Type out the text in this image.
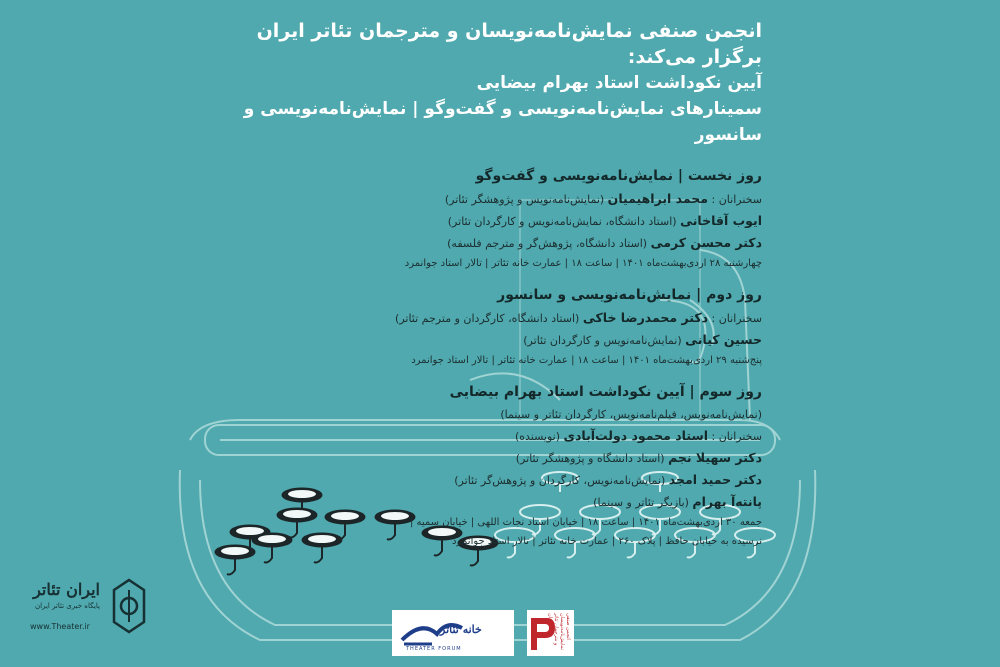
انجمن صنفی نمایش‌نامه‌نویسان و مترجمان تئاتر ایران برگزار می‌کند:
آیین نکوداشت استاد بهرام بیضایی
سمینارهای نمایش‌نامه‌نویسی و گفت‌وگو | نمایش‌نامه‌نویسی و سانسور
روز نخست | نمایش‌نامه‌نویسی و گفت‌وگو
سخنرانان : محمد ابراهیمیان (نمایش‌نامه‌نویس و پژوهشگر تئاتر)
ایوب آقاخانی (استاد دانشگاه، نمایش‌نامه‌نویس و کارگردان تئاتر)
دکتر محسن کرمی (استاد دانشگاه، پژوهش‌گر و مترجم فلسفه)
چهارشنبه ۲۸ اردی‌بهشت‌ماه ۱۴۰۱ | ساعت ۱۸ | عمارت خانه تئاتر | تالار استاد جوانمرد
روز دوم | نمایش‌نامه‌نویسی و سانسور
سخنرانان : دکتر محمدرضا خاکی (استاد دانشگاه، کارگردان و مترجم تئاتر)
حسین کیانی (نمایش‌نامه‌نویس و کارگردان تئاتر)
پنج‌شنبه ۲۹ اردی‌بهشت‌ماه ۱۴۰۱ | ساعت ۱۸ | عمارت خانه تئاتر | تالار استاد جوانمرد
روز سوم | آیین نکوداشت استاد بهرام بیضایی
(نمایش‌نامه‌نویس، فیلم‌نامه‌نویس، کارگردان تئاتر و سینما)
سخنرانان : استاد محمود دولت‌آبادی (نویسنده)
دکتر سهیلا نجم (استاد دانشگاه و پژوهشگر تئاتر)
دکتر حمید امجد (نمایش‌نامه‌نویس، کارگردان و پژوهش‌گر تئاتر)
پانته‌آ بهرام (بازیگر تئاتر و سینما)
جمعه ۳۰ اردی‌بهشت‌ماه ۱۴۰۱ | ساعت ۱۸ | خیابان استاد نجات اللهی | خیابان سمیه |
نرسیده به خیابان حافظ | پلاک ۲۶۰ | عمارت خانه تئاتر | تالار استاد جوانمرد
ایران تئاتر
پایگاه خبری تئاتر ایران
www.Theater.ir	خانه تئاتر
THEATER FORUM
انجمن صنفی نمایش‌نامه‌نویسان و مترجمان تئاتر ایران
